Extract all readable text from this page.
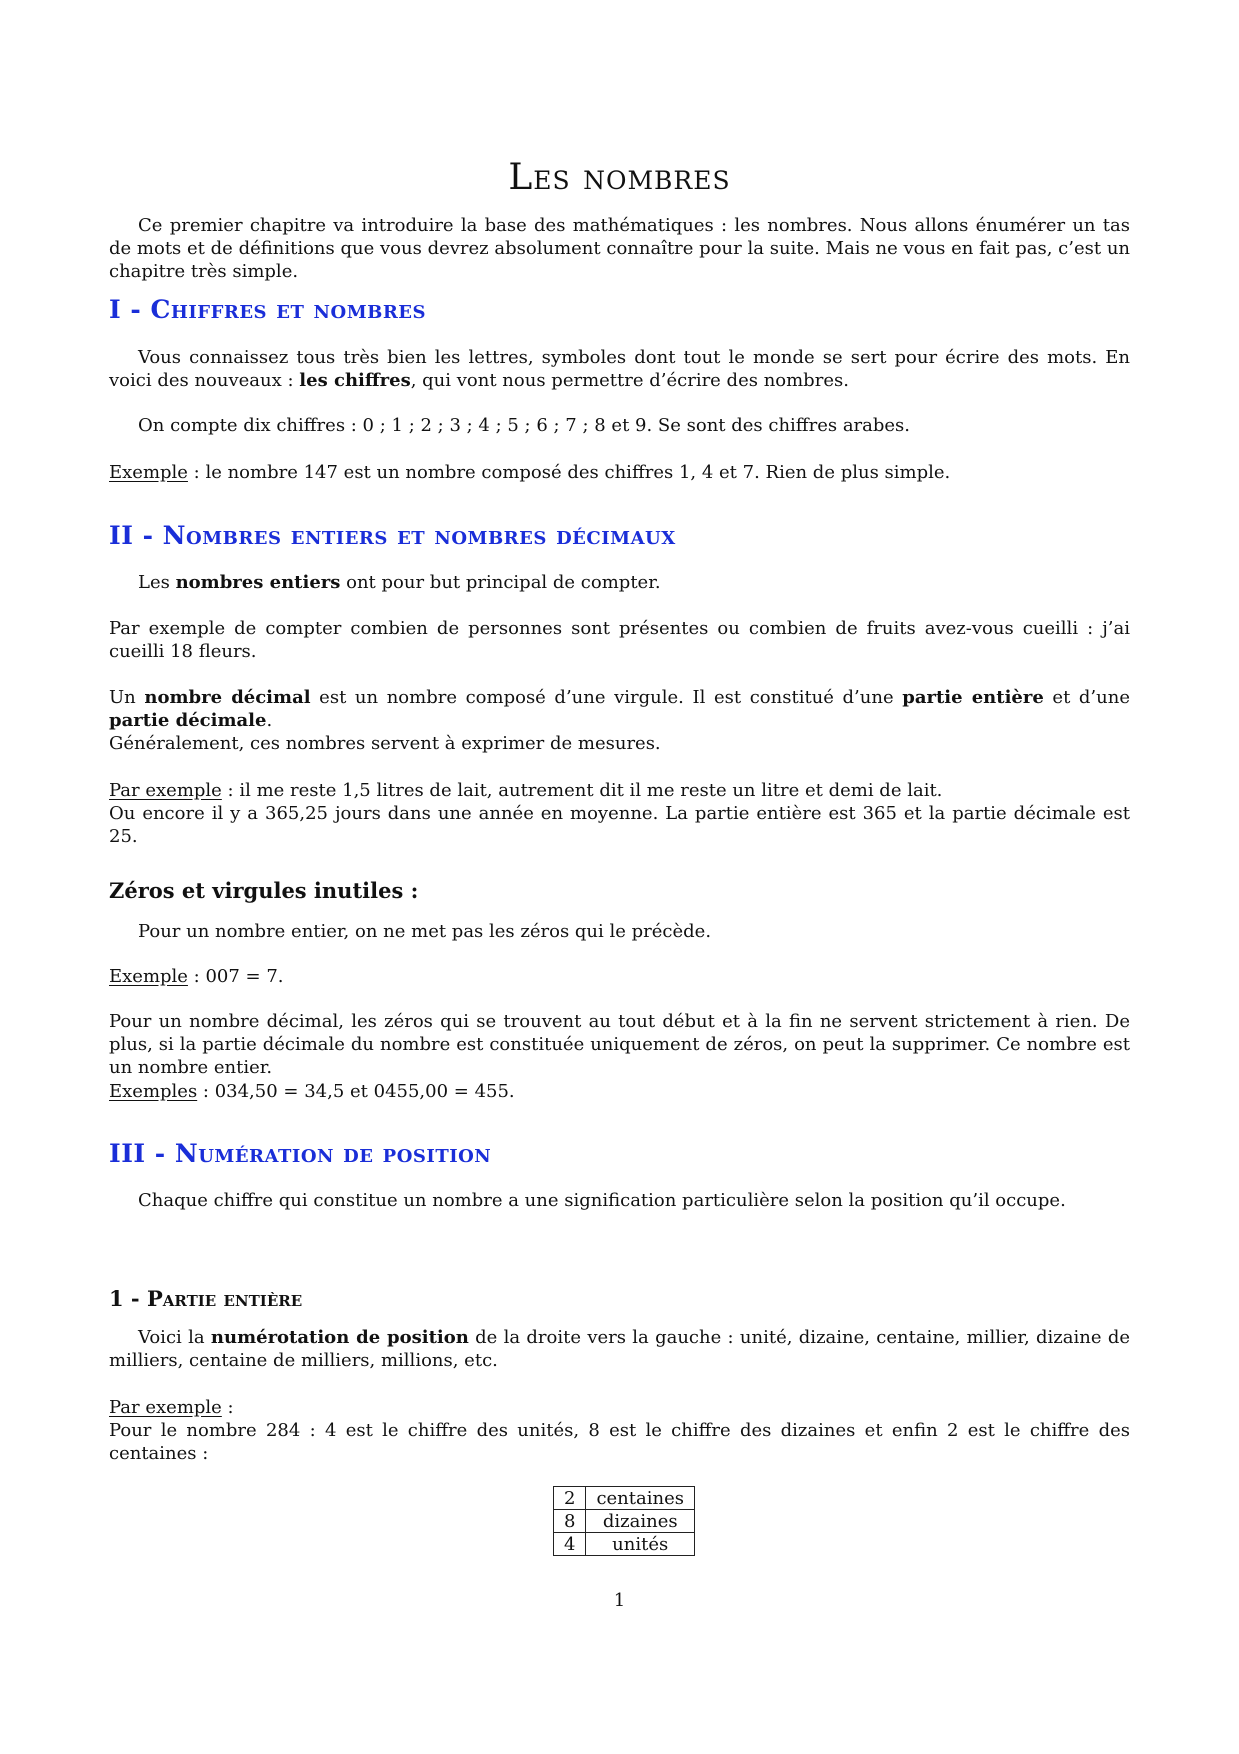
Les nombres

Ce premier chapitre va introduire la base des mathématiques : les nombres. Nous allons énumérer un tas de mots et de définitions que vous devrez absolument connaître pour la suite. Mais ne vous en fait pas, c’est un chapitre très simple.

I - Chiffres et nombres

Vous connaissez tous très bien les lettres, symboles dont tout le monde se sert pour écrire des mots. En voici des nouveaux : les chiffres, qui vont nous permettre d’écrire des nombres.

On compte dix chiffres : 0 ; 1 ; 2 ; 3 ; 4 ; 5 ; 6 ; 7 ; 8 et 9. Se sont des chiffres arabes.

Exemple : le nombre 147 est un nombre composé des chiffres 1, 4 et 7. Rien de plus simple.

II - Nombres entiers et nombres décimaux

Les nombres entiers ont pour but principal de compter.

Par exemple de compter combien de personnes sont présentes ou combien de fruits avez-vous cueilli : j’ai cueilli 18 fleurs.

Un nombre décimal est un nombre composé d’une virgule. Il est constitué d’une partie entière et d’une partie décimale.

Généralement, ces nombres servent à exprimer de mesures.

Par exemple : il me reste 1,5 litres de lait, autrement dit il me reste un litre et demi de lait.

Ou encore il y a 365,25 jours dans une année en moyenne. La partie entière est 365 et la partie décimale est 25.

Zéros et virgules inutiles :

Pour un nombre entier, on ne met pas les zéros qui le précède.

Exemple : 007 = 7.

Pour un nombre décimal, les zéros qui se trouvent au tout début et à la fin ne servent strictement à rien. De plus, si la partie décimale du nombre est constituée uniquement de zéros, on peut la supprimer. Ce nombre est un nombre entier.

Exemples : 034,50 = 34,5 et 0455,00 = 455.

III - Numération de position

Chaque chiffre qui constitue un nombre a une signification particulière selon la position qu’il occupe.

1 - Partie entière

Voici la numérotation de position de la droite vers la gauche : unité, dizaine, centaine, millier, dizaine de milliers, centaine de milliers, millions, etc.

Par exemple :

Pour le nombre 284 : 4 est le chiffre des unités, 8 est le chiffre des dizaines et enfin 2 est le chiffre des centaines :

2	centaines
8	dizaines
4	unités
1
